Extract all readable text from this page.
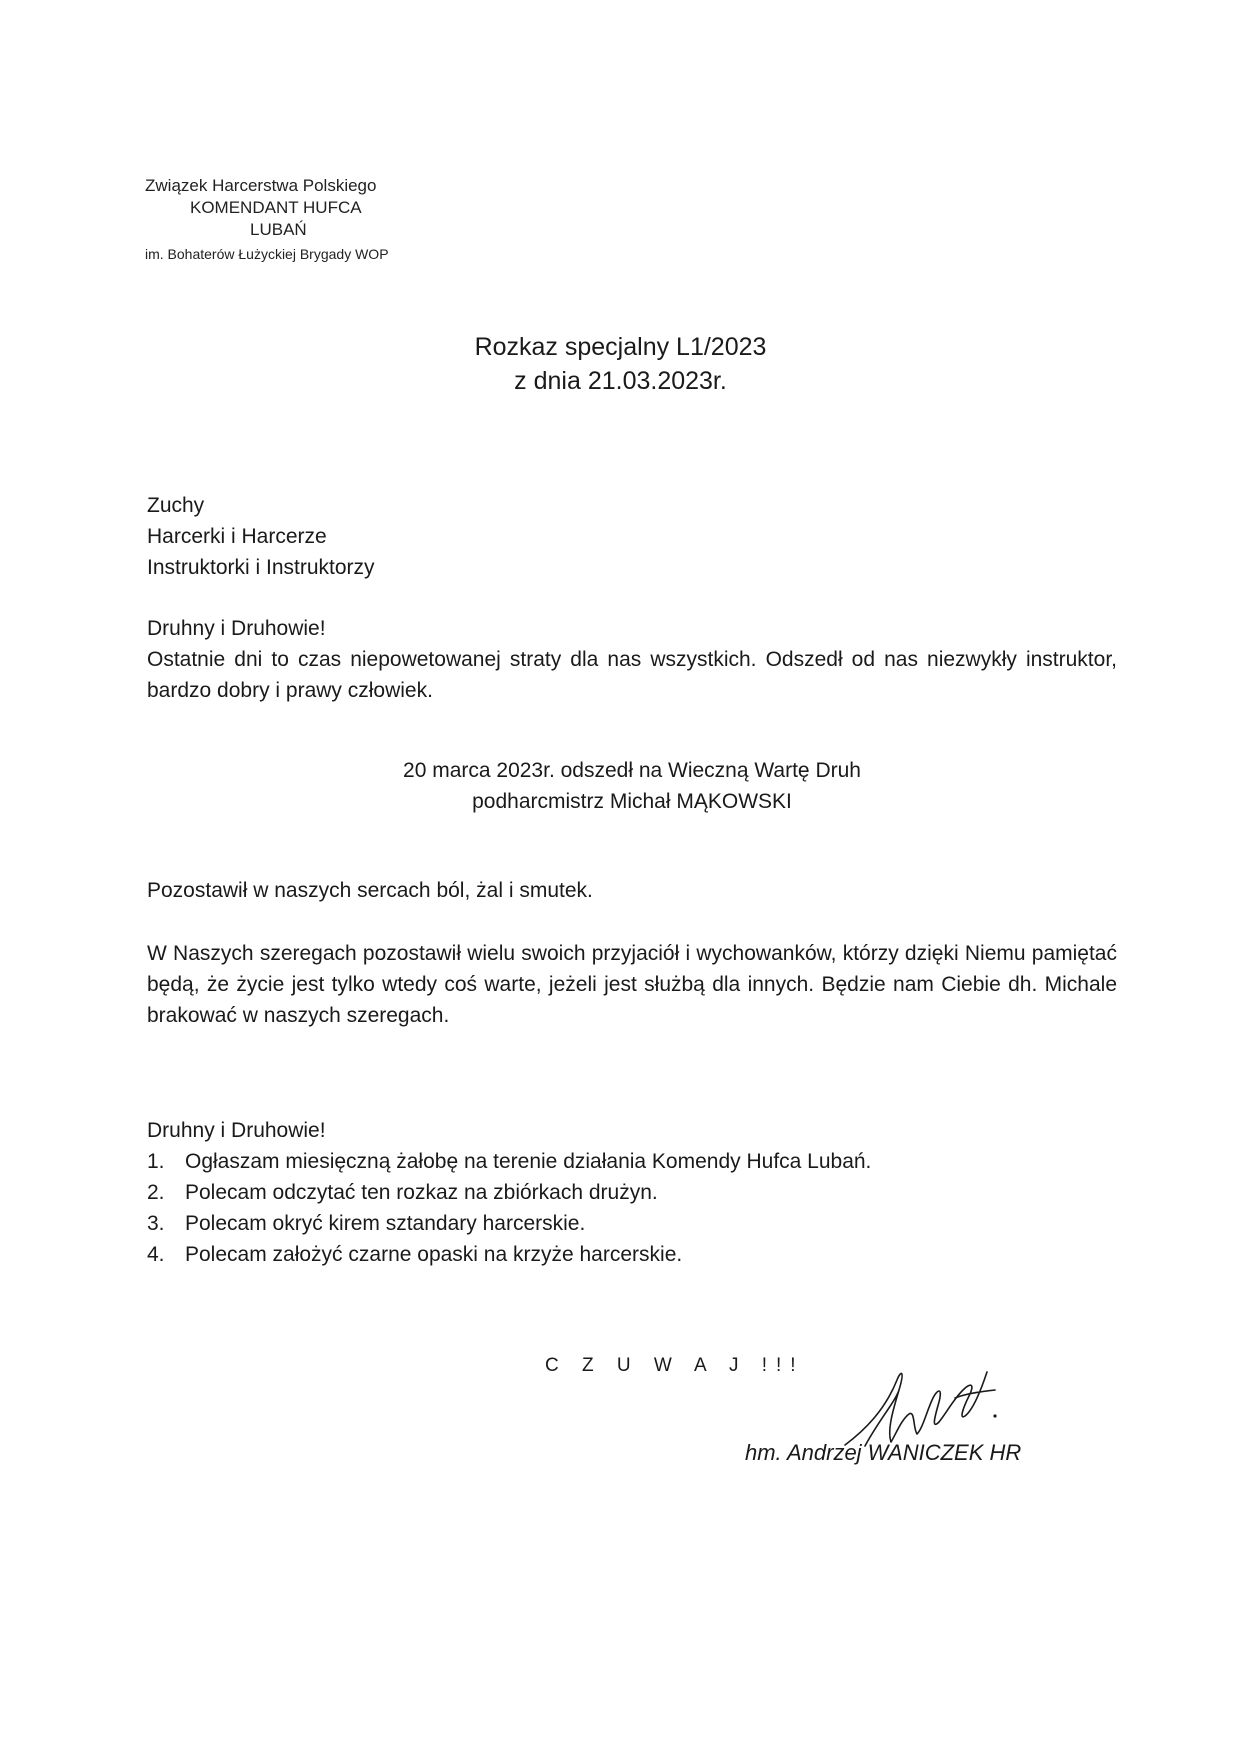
Związek Harcerstwa Polskiego
KOMENDANT HUFCA
LUBAŃ
im. Bohaterów Łużyckiej Brygady WOP
Rozkaz specjalny L1/2023
z dnia 21.03.2023r.
Zuchy
Harcerki i Harcerze
Instruktorki i Instruktorzy
Druhny i Druhowie!
Ostatnie dni to czas niepowetowanej straty dla nas wszystkich. Odszedł od nas niezwykły instruktor, bardzo dobry i prawy człowiek.
20 marca 2023r. odszedł na Wieczną Wartę Druh
podharcmistrz Michał MĄKOWSKI
Pozostawił w naszych sercach ból, żal i smutek.
W Naszych szeregach pozostawił wielu swoich przyjaciół i wychowanków, którzy dzięki Niemu pamiętać będą, że życie jest tylko wtedy coś warte, jeżeli jest służbą dla innych. Będzie nam Ciebie dh. Michale brakować w naszych szeregach.
Druhny i Druhowie!
1. Ogłaszam miesięczną żałobę na terenie działania Komendy Hufca Lubań.
2. Polecam odczytać ten rozkaz na zbiórkach drużyn.
3. Polecam okryć kirem sztandary harcerskie.
4. Polecam założyć czarne opaski na krzyże harcerskie.
C Z U W A J !!!
hm. Andrzej WANICZEK HR
